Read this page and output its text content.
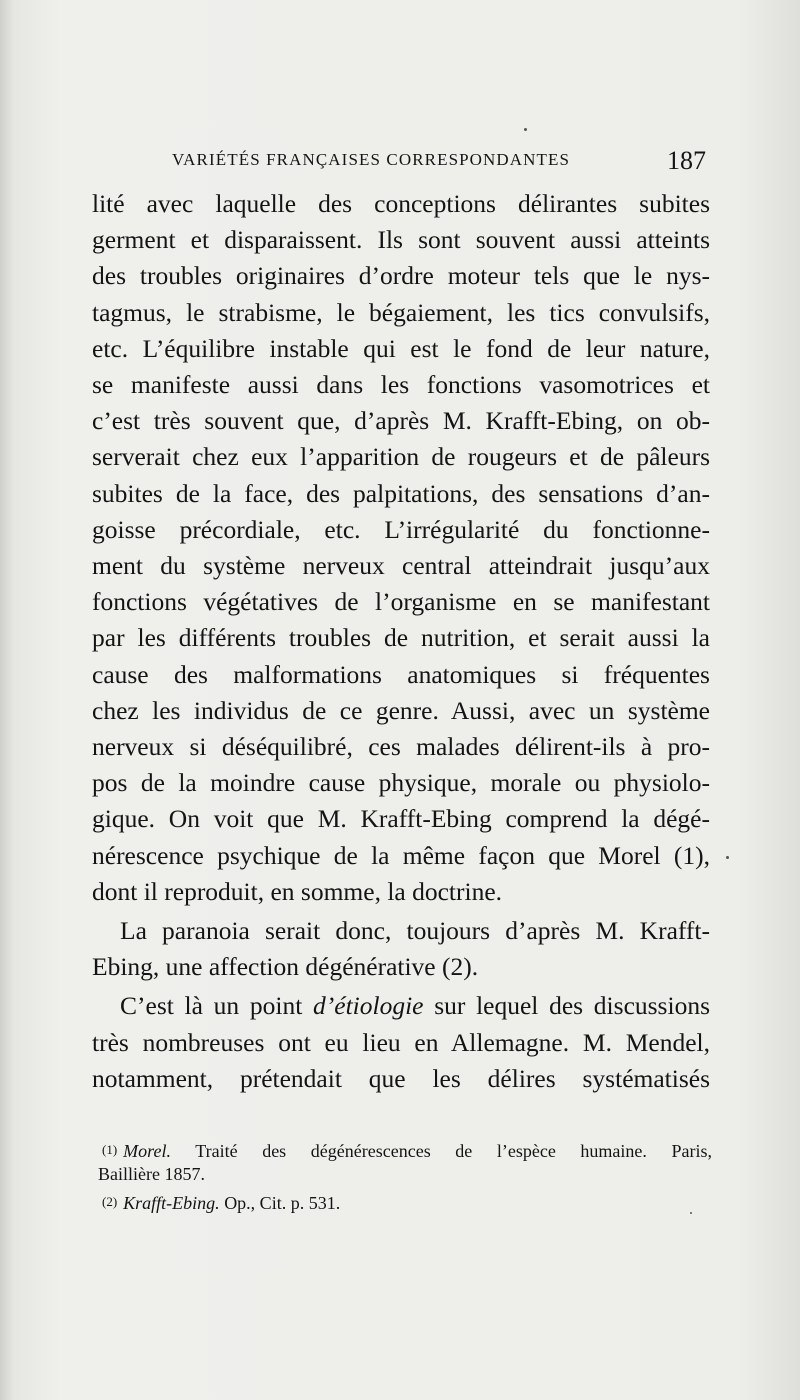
VARIÉTÉS FRANÇAISES CORRESPONDANTES	187
lité avec laquelle des conceptions délirantes subites
germent et disparaissent. Ils sont souvent aussi atteints
des troubles originaires d’ordre moteur tels que le nys-
tagmus, le strabisme, le bégaiement, les tics convulsifs,
etc. L’équilibre instable qui est le fond de leur nature,
se manifeste aussi dans les fonctions vasomotrices et
c’est très souvent que, d’après M. Krafft-Ebing, on ob-
serverait chez eux l’apparition de rougeurs et de pâleurs
subites de la face, des palpitations, des sensations d’an-
goisse précordiale, etc. L’irrégularité du fonctionne-
ment du système nerveux central atteindrait jusqu’aux
fonctions végétatives de l’organisme en se manifestant
par les différents troubles de nutrition, et serait aussi la
cause des malformations anatomiques si fréquentes
chez les individus de ce genre. Aussi, avec un système
nerveux si déséquilibré, ces malades délirent-ils à pro-
pos de la moindre cause physique, morale ou physiolo-
gique. On voit que M. Krafft-Ebing comprend la dégé-
nérescence psychique de la même façon que Morel (1),
dont il reproduit, en somme, la doctrine.
La paranoia serait donc, toujours d’après M. Krafft-
Ebing, une affection dégénérative (2).
C’est là un point d’étiologie sur lequel des discussions
très nombreuses ont eu lieu en Allemagne. M. Mendel,
notamment, prétendait que les délires systématisés
(1) Morel. Traité des dégénérescences de l’espèce humaine. Paris,
Baillière 1857.
(2) Krafft-Ebing. Op., Cit. p. 531.
